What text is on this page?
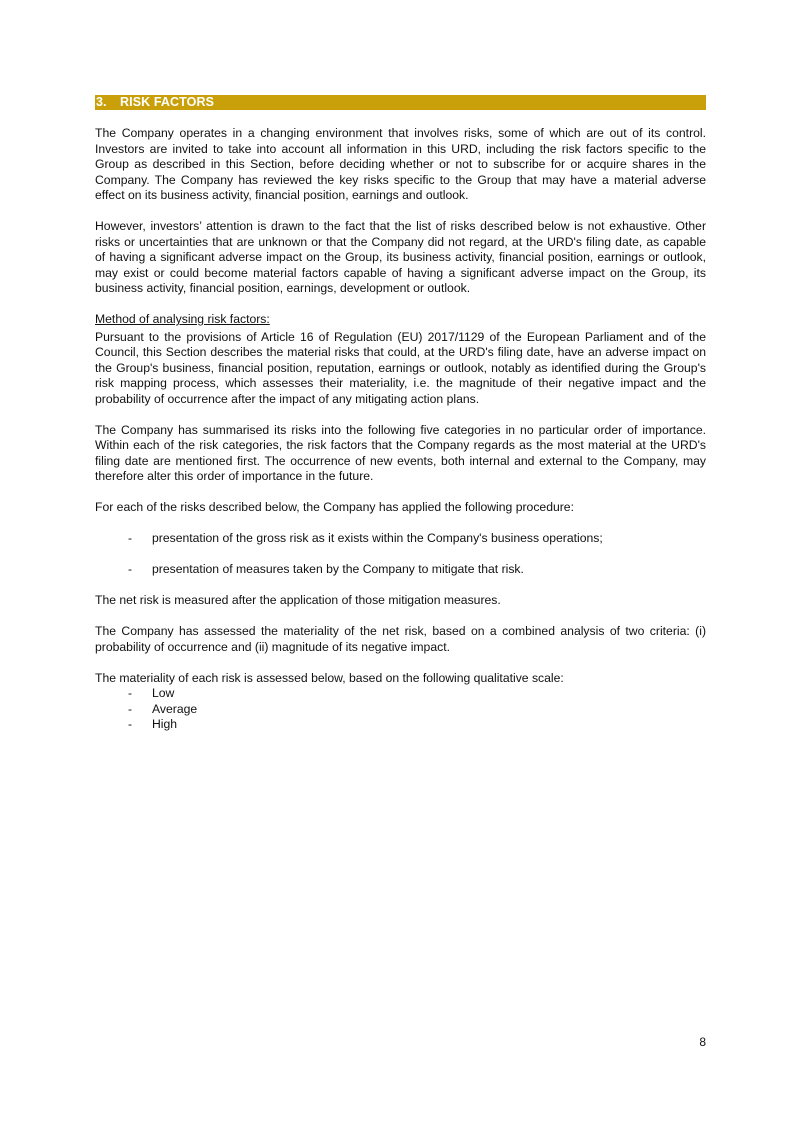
3. RISK FACTORS

The Company operates in a changing environment that involves risks, some of which are out of its control. Investors are invited to take into account all information in this URD, including the risk factors specific to the Group as described in this Section, before deciding whether or not to subscribe for or acquire shares in the Company. The Company has reviewed the key risks specific to the Group that may have a material adverse effect on its business activity, financial position, earnings and outlook.

However, investors’ attention is drawn to the fact that the list of risks described below is not exhaustive. Other risks or uncertainties that are unknown or that the Company did not regard, at the URD's filing date, as capable of having a significant adverse impact on the Group, its business activity, financial position, earnings or outlook, may exist or could become material factors capable of having a significant adverse impact on the Group, its business activity, financial position, earnings, development or outlook.

Method of analysing risk factors:

Pursuant to the provisions of Article 16 of Regulation (EU) 2017/1129 of the European Parliament and of the Council, this Section describes the material risks that could, at the URD's filing date, have an adverse impact on the Group's business, financial position, reputation, earnings or outlook, notably as identified during the Group's risk mapping process, which assesses their materiality, i.e. the magnitude of their negative impact and the probability of occurrence after the impact of any mitigating action plans.

The Company has summarised its risks into the following five categories in no particular order of importance. Within each of the risk categories, the risk factors that the Company regards as the most material at the URD's filing date are mentioned first. The occurrence of new events, both internal and external to the Company, may therefore alter this order of importance in the future.

For each of the risks described below, the Company has applied the following procedure:

- presentation of the gross risk as it exists within the Company's business operations;
- presentation of measures taken by the Company to mitigate that risk.

The net risk is measured after the application of those mitigation measures.

The Company has assessed the materiality of the net risk, based on a combined analysis of two criteria: (i) probability of occurrence and (ii) magnitude of its negative impact.

The materiality of each risk is assessed below, based on the following qualitative scale:

- Low
- Average
- High
8
